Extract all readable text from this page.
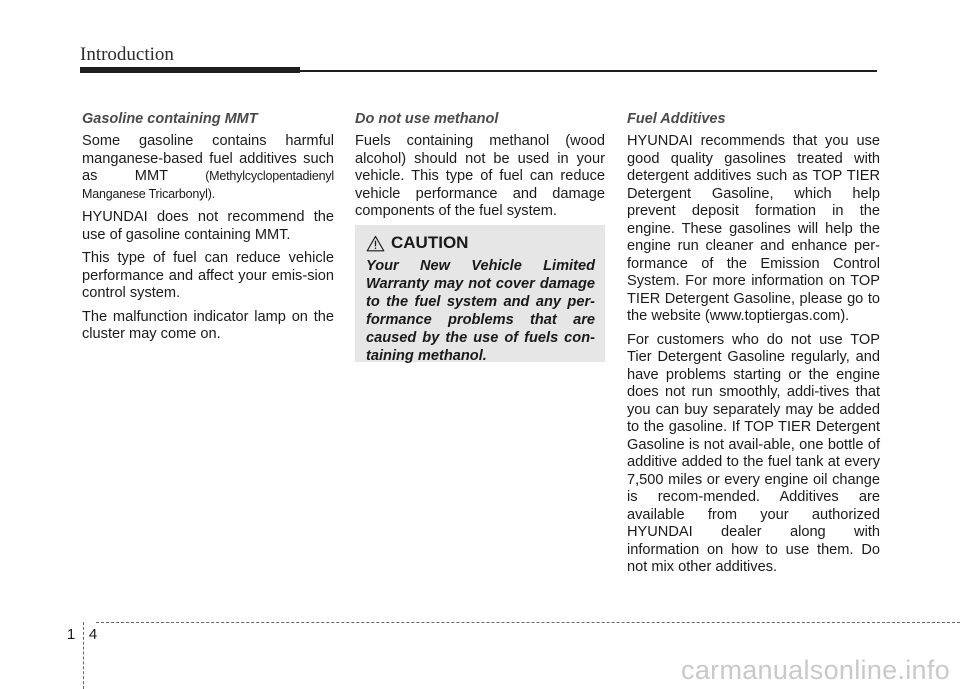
Introduction

Gasoline containing MMT

Some gasoline contains harmful manganese-based fuel additives such as MMT	(Methylcyclopentadienyl Manganese Tricarbonyl).

HYUNDAI does not recommend the use of gasoline containing MMT.

This type of fuel can reduce vehicle performance and affect your emis-sion control system.

The malfunction indicator lamp on the cluster may come on.

Do not use methanol

Fuels containing methanol (wood alcohol) should not be used in your vehicle. This type of fuel can reduce vehicle performance and damage components of the fuel system.

CAUTION

Your New Vehicle Limited Warranty may not cover damage to the fuel system and any per-formance problems that are caused by the use of fuels con-taining methanol.

Fuel Additives

HYUNDAI recommends that you use good quality gasolines treated with detergent additives such as TOP TIER Detergent Gasoline, which help prevent deposit formation in the engine. These gasolines will help the engine run cleaner and enhance per-formance of the Emission Control System. For more information on TOP TIER Detergent Gasoline, please go to the website (www.toptiergas.com).

For customers who do not use TOP Tier Detergent Gasoline regularly, and have problems starting or the engine does not run smoothly, addi-tives that you can buy separately may be added to the gasoline. If TOP TIER Detergent Gasoline is not avail-able, one bottle of additive added to the fuel tank at every 7,500 miles or every engine oil change is recom-mended. Additives are available from your authorized HYUNDAI dealer along with information on how to use them. Do not mix other additives.

1 4
carmanualsonline.info
